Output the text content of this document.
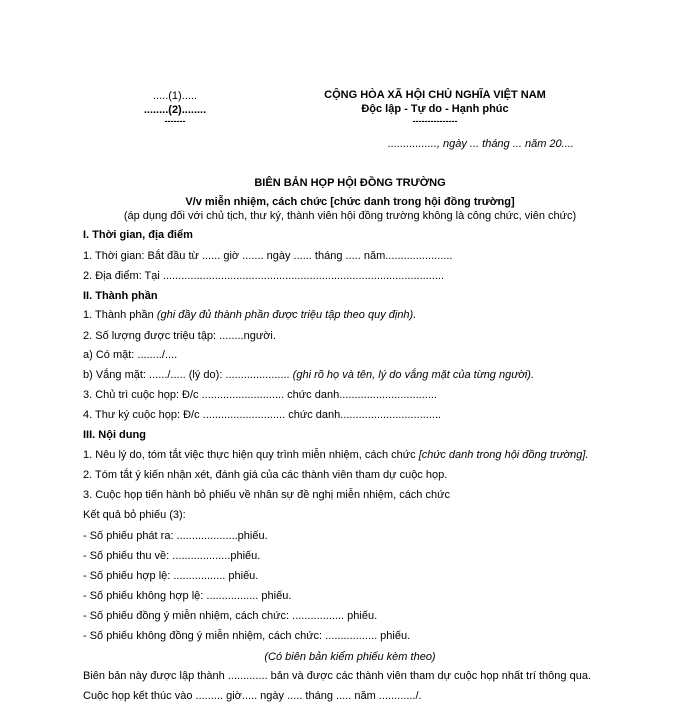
.....(1).....
........(2)........
-------
CỘNG HÒA XÃ HỘI CHỦ NGHĨA VIỆT NAM
Độc lập - Tự do - Hạnh phúc
---------------
................, ngày ... tháng ... năm 20....
BIÊN BẢN HỌP HỘI ĐỒNG TRƯỜNG
V/v miễn nhiệm, cách chức [chức danh trong hội đồng trường]
(áp dụng đối với chủ tịch, thư ký, thành viên hội đồng trường không là công chức, viên chức)
I. Thời gian, địa điểm
1. Thời gian: Bắt đầu từ ...... giờ ....... ngày ...... tháng ..... năm......................
2. Địa điểm: Tại ............................................................................................
II. Thành phần
1. Thành phần (ghi đầy đủ thành phần được triệu tập theo quy định).
2. Số lượng được triệu tập: ........người.
a) Có mặt: ......../....
b) Vắng mặt: ....../..... (lý do): ..................... (ghi rõ họ và tên, lý do vắng mặt của từng người).
3. Chủ trì cuộc họp: Đ/c ........................... chức danh................................
4. Thư ký cuộc họp: Đ/c ........................... chức danh.................................
III. Nội dung
1. Nêu lý do, tóm tắt việc thực hiện quy trình miễn nhiệm, cách chức [chức danh trong hội đồng trường].
2. Tóm tắt ý kiến nhận xét, đánh giá của các thành viên tham dự cuộc họp.
3. Cuộc họp tiến hành bỏ phiếu về nhân sự đề nghị miễn nhiệm, cách chức
Kết quả bỏ phiếu (3):
- Số phiếu phát ra: ....................phiếu.
- Số phiếu thu về: ...................phiếu.
- Số phiếu hợp lệ: ................. phiếu.
- Số phiếu không hợp lệ: ................. phiếu.
- Số phiếu đồng ý miễn nhiệm, cách chức: ................. phiếu.
- Số phiếu không đồng ý miễn nhiệm, cách chức: ................. phiếu.
(Có biên bản kiểm phiếu kèm theo)
Biên bản này được lập thành ............. bản và được các thành viên tham dự cuộc họp nhất trí thông qua.
Cuộc họp kết thúc vào ......... giờ..... ngày ..... tháng ..... năm ............/.
